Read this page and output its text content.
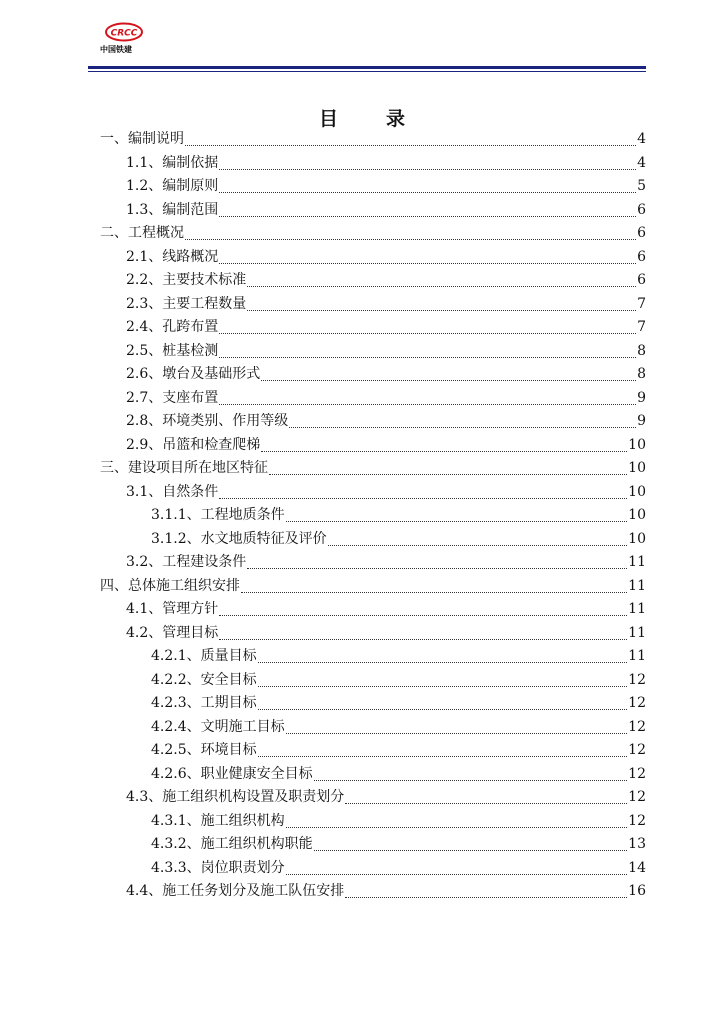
CRCC
中国铁建
目	录
一、编制说明	4
1.1、编制依据	4
1.2、编制原则	5
1.3、编制范围	6
二、工程概况	6
2.1、线路概况	6
2.2、主要技术标准	6
2.3、主要工程数量	7
2.4、孔跨布置	7
2.5、桩基检测	8
2.6、墩台及基础形式	8
2.7、支座布置	9
2.8、环境类别、作用等级	9
2.9、吊篮和检查爬梯	10
三、建设项目所在地区特征	10
3.1、自然条件	10
3.1.1、工程地质条件	10
3.1.2、水文地质特征及评价	10
3.2、工程建设条件	11
四、总体施工组织安排	11
4.1、管理方针	11
4.2、管理目标	11
4.2.1、质量目标	11
4.2.2、安全目标	12
4.2.3、工期目标	12
4.2.4、文明施工目标	12
4.2.5、环境目标	12
4.2.6、职业健康安全目标	12
4.3、施工组织机构设置及职责划分	12
4.3.1、施工组织机构	12
4.3.2、施工组织机构职能	13
4.3.3、岗位职责划分	14
4.4、施工任务划分及施工队伍安排	16
